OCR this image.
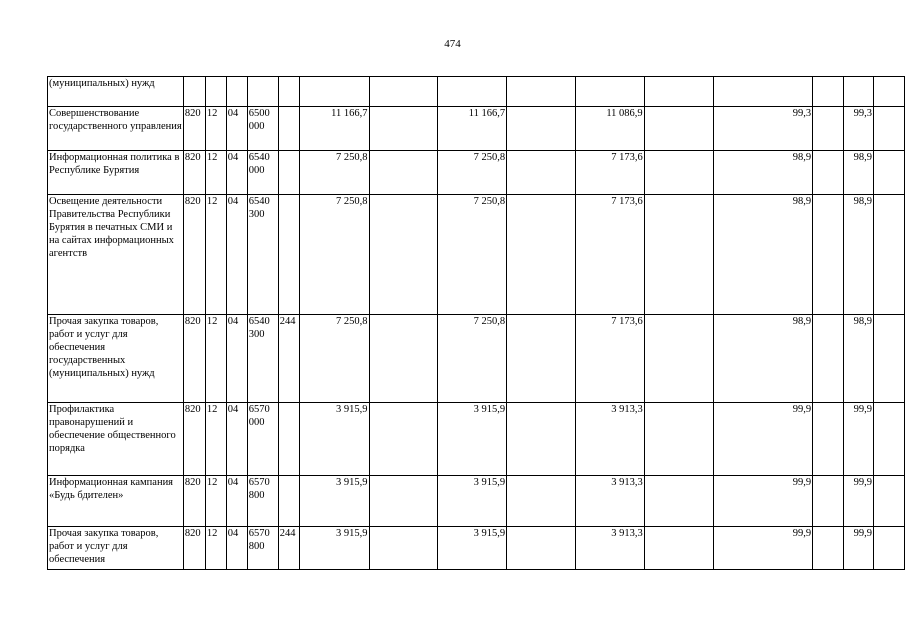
474
(муниципальных) нужд															
Совершенствование государственного управления	820	12	04	6500 000		11 166,7		11 166,7		11 086,9		99,3		99,3	
Информационная политика в Республике Бурятия	820	12	04	6540 000		7 250,8		7 250,8		7 173,6		98,9		98,9	
Освещение деятельности Правительства Республики Бурятия в печатных СМИ и на сайтах информационных агентств	820	12	04	6540 300		7 250,8		7 250,8		7 173,6		98,9		98,9	
Прочая закупка товаров, работ и услуг для обеспечения государственных (муниципальных) нужд	820	12	04	6540 300	244	7 250,8		7 250,8		7 173,6		98,9		98,9	
Профилактика правонарушений и обеспечение общественного порядка	820	12	04	6570 000		3 915,9		3 915,9		3 913,3		99,9		99,9	
Информационная кампания «Будь бдителен»	820	12	04	6570 800		3 915,9		3 915,9		3 913,3		99,9		99,9	
Прочая закупка товаров, работ и услуг для обеспечения	820	12	04	6570 800	244	3 915,9		3 915,9		3 913,3		99,9		99,9	
